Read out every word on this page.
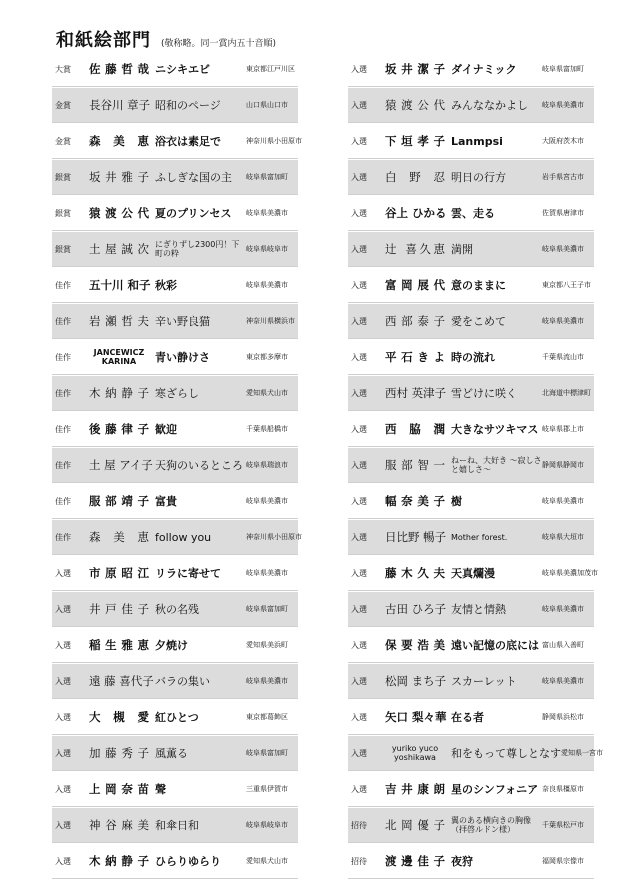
和紙絵部門 (敬称略。同一賞内五十音順)
大賞	佐 藤 哲 哉 ニシキエビ	東京都江戸川区
金賞	長谷川 章子 昭和のページ	山口県山口市
金賞	森　美　恵 浴衣は素足で	神奈川県小田原市
銀賞	坂 井 雅 子 ふしぎな国の主	岐阜県富加町
銀賞	猿 渡 公 代 夏のプリンセス	岐阜県美濃市
銀賞	土 屋 誠 次 にぎりずし2300円！下町の粋	岐阜県岐阜市
佳作	五十川 和子 秋彩	岐阜県美濃市
佳作	岩 瀬 哲 夫 辛い野良猫	神奈川県横浜市
佳作	JANCEWICZ KARINA	青い静けさ	東京都多摩市
佳作	木 納 静 子 寒ざらし	愛知県犬山市
佳作	後 藤 律 子 歓迎	千葉県船橋市
佳作	土 屋 アイ子 天狗のいるところ 岐阜県瑞浪市
佳作	服 部 靖 子 富貴	岐阜県美濃市
佳作	森　美　恵 follow you	神奈川県小田原市
入選	市 原 昭 江 リラに寄せて	岐阜県美濃市
入選	井 戸 佳 子 秋の名残	岐阜県富加町
入選	稲 生 雅 恵 夕焼け	愛知県美浜町
入選	遠 藤 喜代子 バラの集い	岐阜県美濃市
入選	大　槻　愛 紅ひとつ	東京都葛飾区
入選	加 藤 秀 子 風薫る	岐阜県富加町
入選	上 岡 奈 苗 聲	三重県伊賀市
入選	神 谷 麻 美 和傘日和	岐阜県岐阜市
入選	木 納 静 子 ひらりゆらり	愛知県犬山市
入選	坂 井 潔 子 ダイナミック	岐阜県富加町
入選	猿 渡 公 代 みんななかよし	岐阜県美濃市
入選	下 垣 孝 子 Lanmpsi	大阪府茨木市
入選	白　野　忍 明日の行方	岩手県宮古市
入選	谷上 ひかる 雲、走る	佐賀県唐津市
入選	辻 喜久恵 満開	岐阜県美濃市
入選	富 岡 展 代 意のままに	東京都八王子市
入選	西 部 泰 子 愛をこめて	岐阜県美濃市
入選	平 石 き よ 時の流れ	千葉県流山市
入選	西村 英津子 雪どけに咲く	北海道中標津町
入選	西　脇　潤 大きなサツキマス 岐阜県郡上市
入選	服 部 智 一 ねーね、大好き 〜寂しさと嬉しさ〜	静岡県静岡市
入選	幅 奈 美 子 樹	岐阜県美濃市
入選	日比野 暢子 Mother forest.	岐阜県大垣市
入選	藤 木 久 夫 天真爛漫	岐阜県美濃加茂市
入選	古田 ひろ子 友情と情熱	岐阜県美濃市
入選	保 要 浩 美 遠い記憶の底には 富山県入善町
入選	松岡 まち子 スカーレット	岐阜県美濃市
入選	矢口 梨々華 在る者	静岡県浜松市
入選	yuriko yuco yoshikawa	和をもって尊しとなす 愛知県一宮市
入選	吉 井 康 朗 星のシンフォニア 奈良県橿原市
招待	北 岡 優 子 翼のある横向きの胸像（拝啓ルドン様）	千葉県松戸市
招待	渡 邊 佳 子 夜狩	福岡県宗像市
